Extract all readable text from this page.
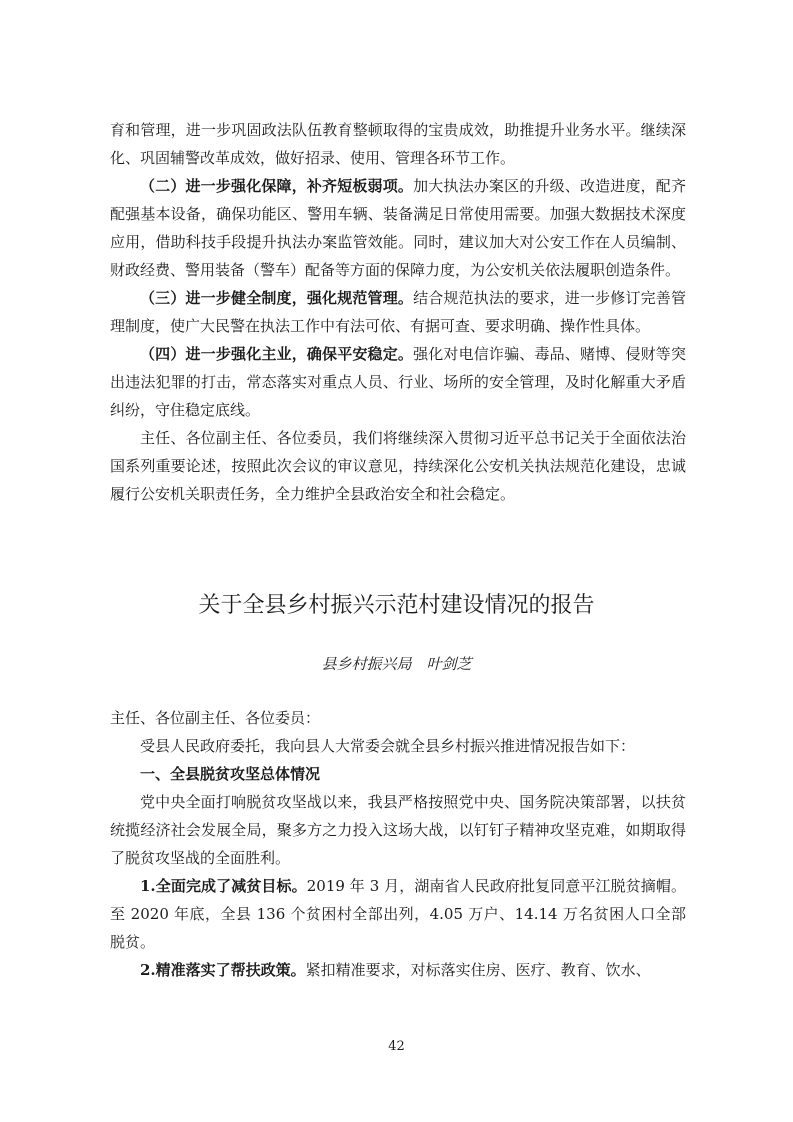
育和管理，进一步巩固政法队伍教育整顿取得的宝贵成效，助推提升业务水平。继续深化、巩固辅警改革成效，做好招录、使用、管理各环节工作。

（二）进一步强化保障，补齐短板弱项。加大执法办案区的升级、改造进度，配齐配强基本设备，确保功能区、警用车辆、装备满足日常使用需要。加强大数据技术深度应用，借助科技手段提升执法办案监管效能。同时，建议加大对公安工作在人员编制、财政经费、警用装备（警车）配备等方面的保障力度，为公安机关依法履职创造条件。

（三）进一步健全制度，强化规范管理。结合规范执法的要求，进一步修订完善管理制度，使广大民警在执法工作中有法可依、有据可查、要求明确、操作性具体。

（四）进一步强化主业，确保平安稳定。强化对电信诈骗、毒品、赌博、侵财等突出违法犯罪的打击，常态落实对重点人员、行业、场所的安全管理，及时化解重大矛盾纠纷，守住稳定底线。

主任、各位副主任、各位委员，我们将继续深入贯彻习近平总书记关于全面依法治国系列重要论述，按照此次会议的审议意见，持续深化公安机关执法规范化建设，忠诚履行公安机关职责任务，全力维护全县政治安全和社会稳定。

关于全县乡村振兴示范村建设情况的报告
县乡村振兴局　叶剑芝

主任、各位副主任、各位委员：

受县人民政府委托，我向县人大常委会就全县乡村振兴推进情况报告如下：

一、全县脱贫攻坚总体情况

党中央全面打响脱贫攻坚战以来，我县严格按照党中央、国务院决策部署，以扶贫统揽经济社会发展全局，聚多方之力投入这场大战，以钉钉子精神攻坚克难，如期取得了脱贫攻坚战的全面胜利。

1.全面完成了减贫目标。2019 年 3 月，湖南省人民政府批复同意平江脱贫摘帽。至 2020 年底，全县 136 个贫困村全部出列，4.05 万户、14.14 万名贫困人口全部脱贫。

2.精准落实了帮扶政策。紧扣精准要求，对标落实住房、医疗、教育、饮水、

42
